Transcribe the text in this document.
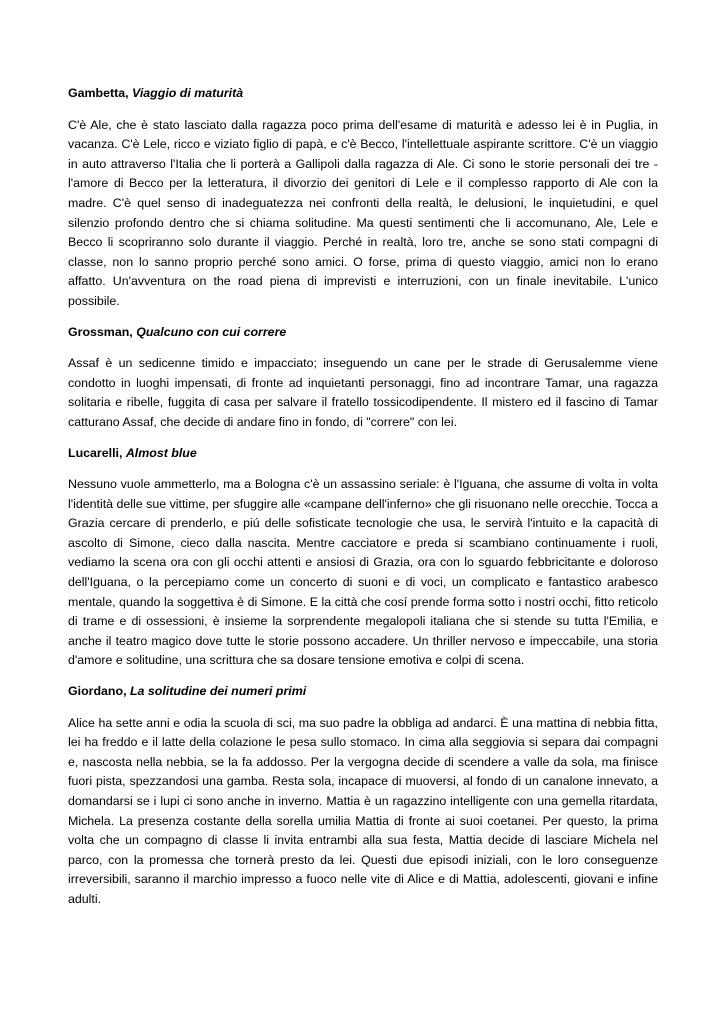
Gambetta, Viaggio di maturità
C'è Ale, che è stato lasciato dalla ragazza poco prima dell'esame di maturità e adesso lei è in Puglia, in vacanza. C'è Lele, ricco e viziato figlio di papà, e c'è Becco, l'intellettuale aspirante scrittore. C'è un viaggio in auto attraverso l'Italia che li porterà a Gallipoli dalla ragazza di Ale. Ci sono le storie personali dei tre - l'amore di Becco per la letteratura, il divorzio dei genitori di Lele e il complesso rapporto di Ale con la madre. C'è quel senso di inadeguatezza nei confronti della realtà, le delusioni, le inquietudini, e quel silenzio profondo dentro che si chiama solitudine. Ma questi sentimenti che li accomunano, Ale, Lele e Becco li scopriranno solo durante il viaggio. Perché in realtà, loro tre, anche se sono stati compagni di classe, non lo sanno proprio perché sono amici. O forse, prima di questo viaggio, amici non lo erano affatto. Un'avventura on the road piena di imprevisti e interruzioni, con un finale inevitabile. L'unico possibile.
Grossman, Qualcuno con cui correre
Assaf è un sedicenne timido e impacciato; inseguendo un cane per le strade di Gerusalemme viene condotto in luoghi impensati, di fronte ad inquietanti personaggi, fino ad incontrare Tamar, una ragazza solitaria e ribelle, fuggita di casa per salvare il fratello tossicodipendente. Il mistero ed il fascino di Tamar catturano Assaf, che decide di andare fino in fondo, di "correre" con lei.
Lucarelli, Almost blue
Nessuno vuole ammetterlo, ma a Bologna c'è un assassino seriale: è l'Iguana, che assume di volta in volta l'identità delle sue vittime, per sfuggire alle «campane dell'inferno» che gli risuonano nelle orecchie. Tocca a Grazia cercare di prenderlo, e piú delle sofisticate tecnologie che usa, le servirà l'intuito e la capacità di ascolto di Simone, cieco dalla nascita. Mentre cacciatore e preda si scambiano continuamente i ruoli, vediamo la scena ora con gli occhi attenti e ansiosi di Grazia, ora con lo sguardo febbricitante e doloroso dell'Iguana, o la percepiamo come un concerto di suoni e di voci, un complicato e fantastico arabesco mentale, quando la soggettiva è di Simone. E la città che cosí prende forma sotto i nostri occhi, fitto reticolo di trame e di ossessioni, è insieme la sorprendente megalopoli italiana che si stende su tutta l'Emilia, e anche il teatro magico dove tutte le storie possono accadere. Un thriller nervoso e impeccabile, una storia d'amore e solitudine, una scrittura che sa dosare tensione emotiva e colpi di scena.
Giordano, La solitudine dei numeri primi
Alice ha sette anni e odia la scuola di sci, ma suo padre la obbliga ad andarci. È una mattina di nebbia fitta, lei ha freddo e il latte della colazione le pesa sullo stomaco. In cima alla seggiovia si separa dai compagni e, nascosta nella nebbia, se la fa addosso. Per la vergogna decide di scendere a valle da sola, ma finisce fuori pista, spezzandosi una gamba. Resta sola, incapace di muoversi, al fondo di un canalone innevato, a domandarsi se i lupi ci sono anche in inverno. Mattia è un ragazzino intelligente con una gemella ritardata, Michela. La presenza costante della sorella umilia Mattia di fronte ai suoi coetanei. Per questo, la prima volta che un compagno di classe li invita entrambi alla sua festa, Mattia decide di lasciare Michela nel parco, con la promessa che tornerà presto da lei. Questi due episodi iniziali, con le loro conseguenze irreversibili, saranno il marchio impresso a fuoco nelle vite di Alice e di Mattia, adolescenti, giovani e infine adulti.
